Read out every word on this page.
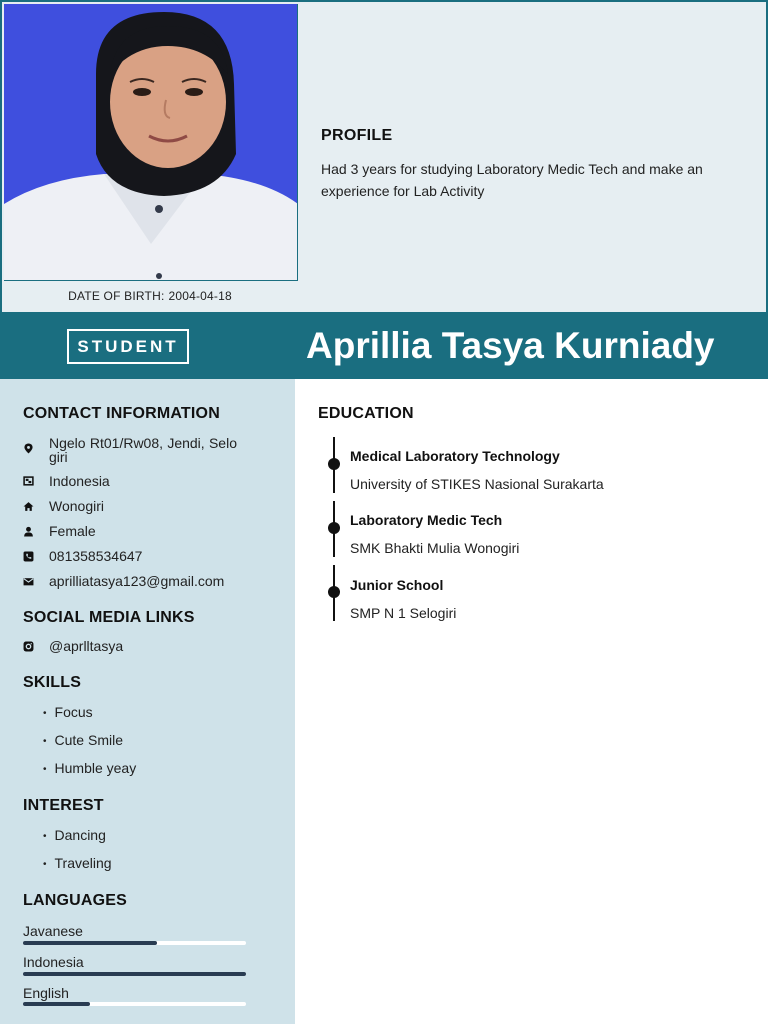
DATE OF BIRTH: 2004-04-18
PROFILE
Had 3 years for studying Laboratory Medic Tech and make an experience for Lab Activity
STUDENT	Aprillia Tasya Kurniady
CONTACT INFORMATION
Ngelo Rt01/Rw08, Jendi, Selogiri
Indonesia
Wonogiri
Female
081358534647
aprilliatasya123@gmail.com
SOCIAL MEDIA LINKS
@aprlltasya
SKILLS
• Focus
• Cute Smile
• Humble yeay
INTEREST
• Dancing
• Traveling
LANGUAGES
Javanese
Indonesia
English
EDUCATION
Medical Laboratory Technology
University of STIKES Nasional Surakarta
Laboratory Medic Tech
SMK Bhakti Mulia Wonogiri
Junior School
SMP N 1 Selogiri
